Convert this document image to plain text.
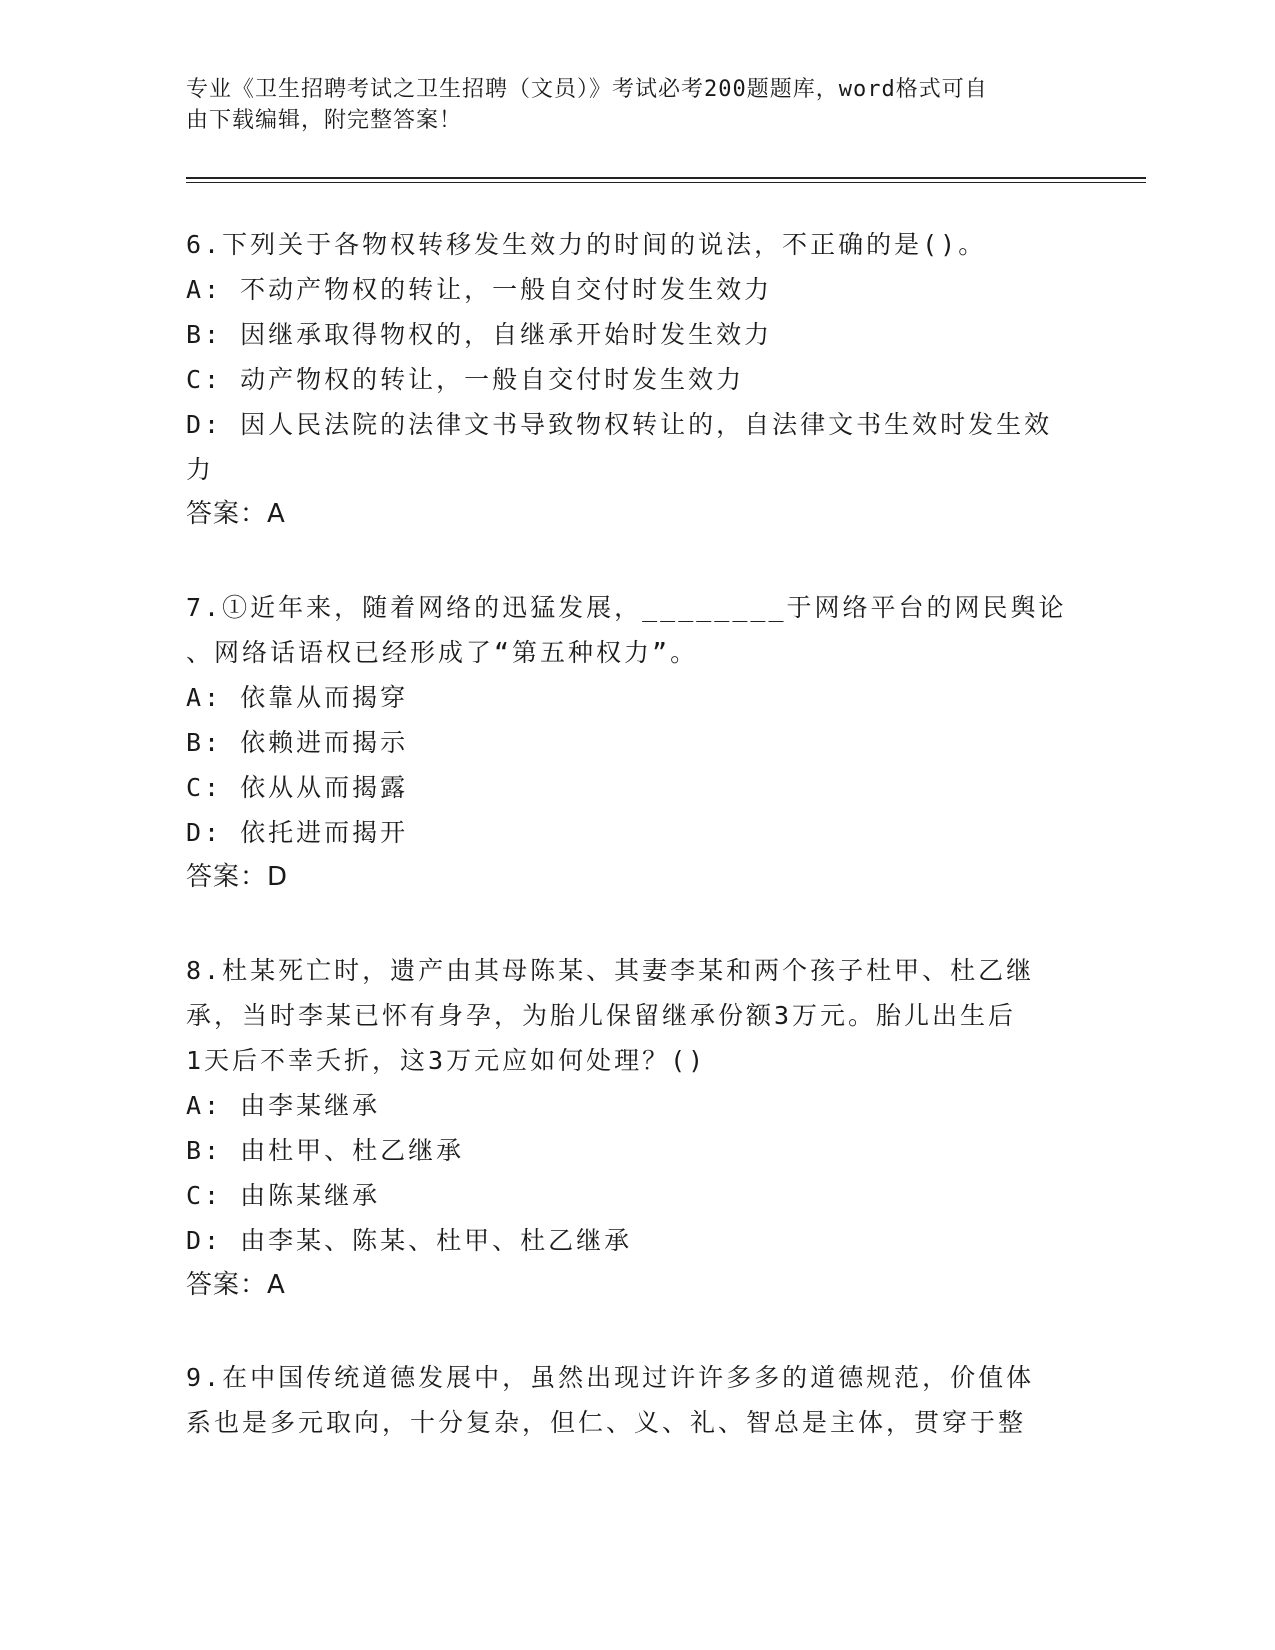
专业《卫生招聘考试之卫生招聘（文员）》考试必考200题题库，word格式可自
由下载编辑，附完整答案！
6.下列关于各物权转移发生效力的时间的说法，不正确的是()。
A: 不动产物权的转让，一般自交付时发生效力
B: 因继承取得物权的，自继承开始时发生效力
C: 动产物权的转让，一般自交付时发生效力
D: 因人民法院的法律文书导致物权转让的，自法律文书生效时发生效
力
答案：A
7.①近年来，随着网络的迅猛发展，________于网络平台的网民舆论
、网络话语权已经形成了“第五种权力”。
A: 依靠从而揭穿
B: 依赖进而揭示
C: 依从从而揭露
D: 依托进而揭开
答案：D
8.杜某死亡时，遗产由其母陈某、其妻李某和两个孩子杜甲、杜乙继
承，当时李某已怀有身孕，为胎儿保留继承份额3万元。胎儿出生后
1天后不幸夭折，这3万元应如何处理？()
A: 由李某继承
B: 由杜甲、杜乙继承
C: 由陈某继承
D: 由李某、陈某、杜甲、杜乙继承
答案：A
9.在中国传统道德发展中，虽然出现过许许多多的道德规范，价值体
系也是多元取向，十分复杂，但仁、义、礼、智总是主体，贯穿于整
